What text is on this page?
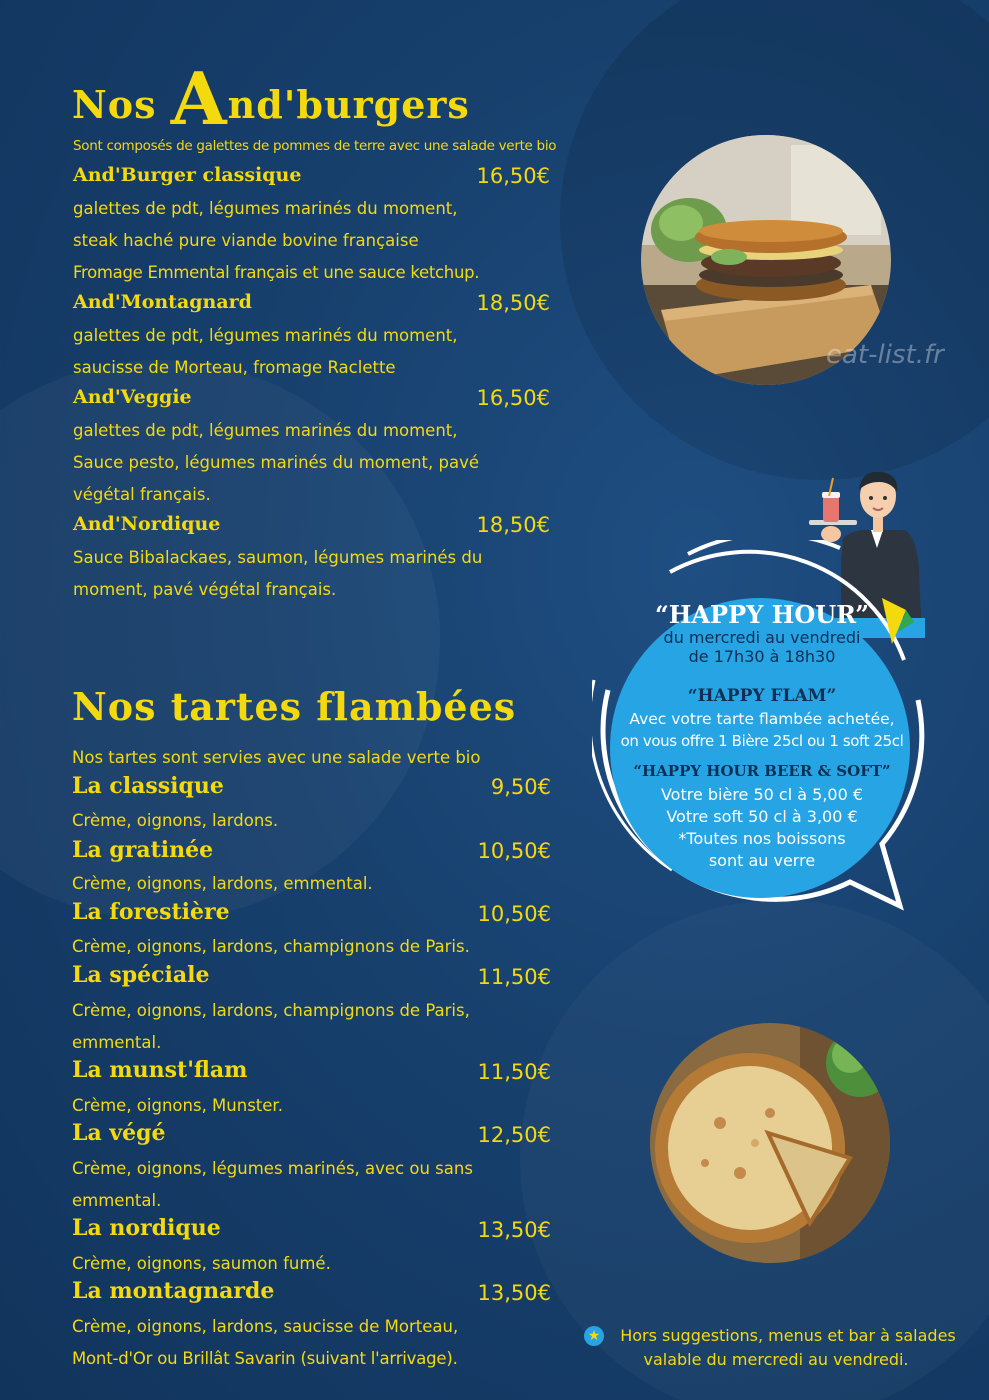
Nos And'burgers
Sont composés de galettes de pommes de terre avec une salade verte bio
And'Burger classique	16,50€
galettes de pdt, légumes marinés du moment,
steak haché pure viande bovine française
Fromage Emmental français et une sauce ketchup.
And'Montagnard	18,50€
galettes de pdt, légumes marinés du moment,
saucisse de Morteau, fromage Raclette
And'Veggie	16,50€
galettes de pdt, légumes marinés du moment,
Sauce pesto, légumes marinés du moment, pavé
végétal français.
And'Nordique	18,50€
Sauce Bibalackaes, saumon, légumes marinés du
moment, pavé végétal français.
eat-list.fr
“HAPPY HOUR”
du mercredi au vendredi
de 17h30 à 18h30
“HAPPY FLAM”
Avec votre tarte flambée achetée,
on vous offre 1 Bière 25cl ou 1 soft 25cl
“HAPPY HOUR BEER & SOFT”
Votre bière 50 cl à 5,00 €
Votre soft 50 cl à 3,00 €
*Toutes nos boissons
sont au verre
Nos tartes flambées
Nos tartes sont servies avec une salade verte bio
La classique	9,50€
Crème, oignons, lardons.
La gratinée	10,50€
Crème, oignons, lardons, emmental.
La forestière	10,50€
Crème, oignons, lardons, champignons de Paris.
La spéciale	11,50€
Crème, oignons, lardons, champignons de Paris,
emmental.
La munst'flam	11,50€
Crème, oignons, Munster.
La végé	12,50€
Crème, oignons, légumes marinés, avec ou sans
emmental.
La nordique	13,50€
Crème, oignons, saumon fumé.
La montagnarde	13,50€
Crème, oignons, lardons, saucisse de Morteau,
Mont-d'Or ou Brillât Savarin (suivant l'arrivage).
★	Hors suggestions, menus et bar à salades
valable du mercredi au vendredi.
